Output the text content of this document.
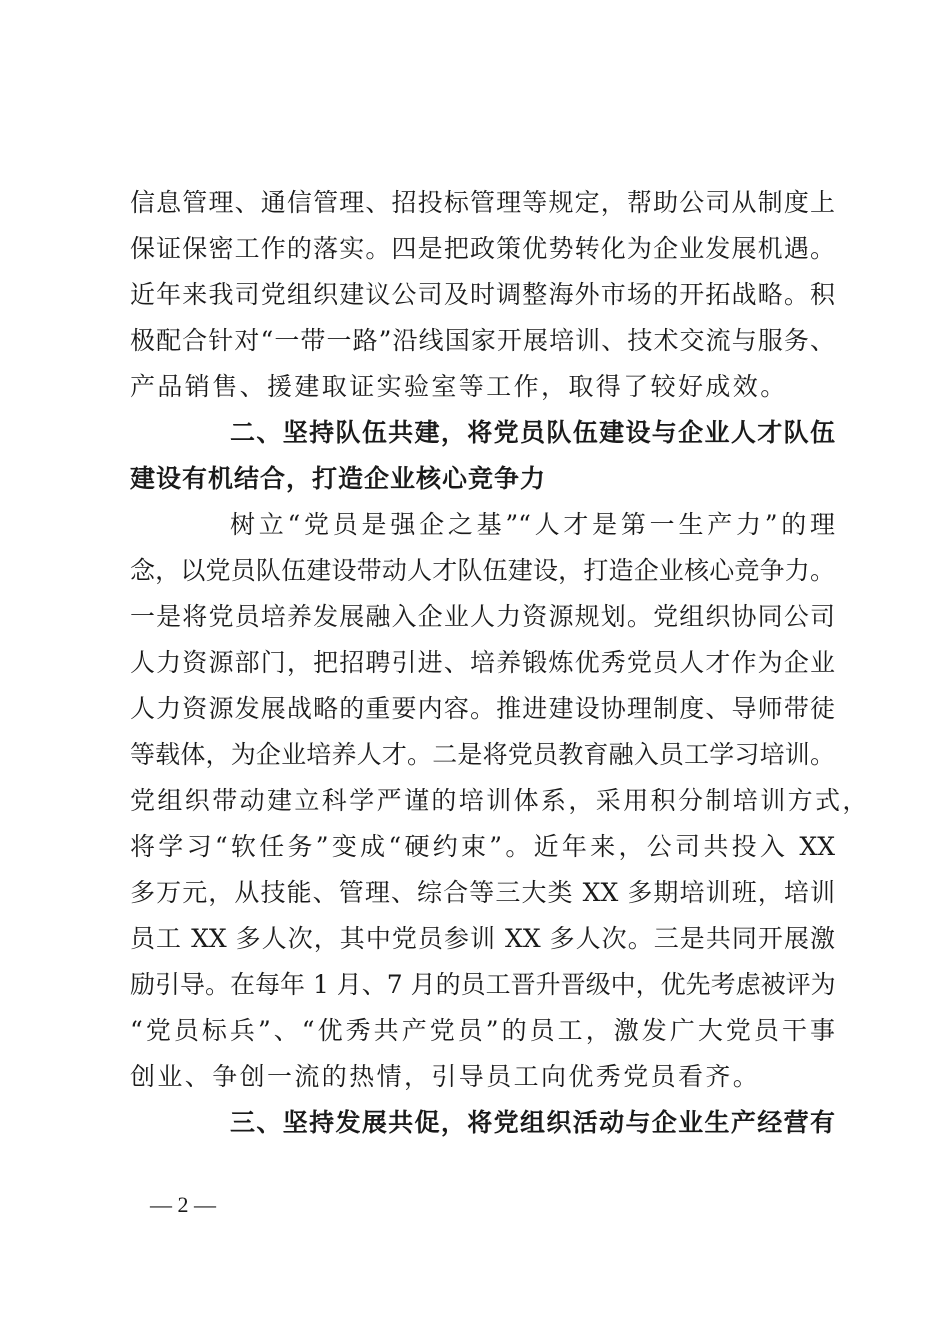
信息管理、通信管理、招投标管理等规定，帮助公司从制度上
保证保密工作的落实。四是把政策优势转化为企业发展机遇。
近年来我司党组织建议公司及时调整海外市场的开拓战略。积
极配合针对“一带一路”沿线国家开展培训、技术交流与服务、
产品销售、援建取证实验室等工作，取得了较好成效。
二、坚持队伍共建，将党员队伍建设与企业人才队伍
建设有机结合，打造企业核心竞争力
树立“党员是强企之基”“人才是第一生产力”的理
念，以党员队伍建设带动人才队伍建设，打造企业核心竞争力。
一是将党员培养发展融入企业人力资源规划。党组织协同公司
人力资源部门，把招聘引进、培养锻炼优秀党员人才作为企业
人力资源发展战略的重要内容。推进建设协理制度、导师带徒
等载体，为企业培养人才。二是将党员教育融入员工学习培训。
党组织带动建立科学严谨的培训体系，采用积分制培训方式，
将学习“软任务”变成“硬约束”。近年来，公司共投入 XX
多万元，从技能、管理、综合等三大类 XX 多期培训班，培训
员工 XX 多人次，其中党员参训 XX 多人次。三是共同开展激
励引导。在每年 1 月、7 月的员工晋升晋级中，优先考虑被评为
“党员标兵”、“优秀共产党员”的员工，激发广大党员干事
创业、争创一流的热情，引导员工向优秀党员看齐。
三、坚持发展共促，将党组织活动与企业生产经营有
— 2 —
